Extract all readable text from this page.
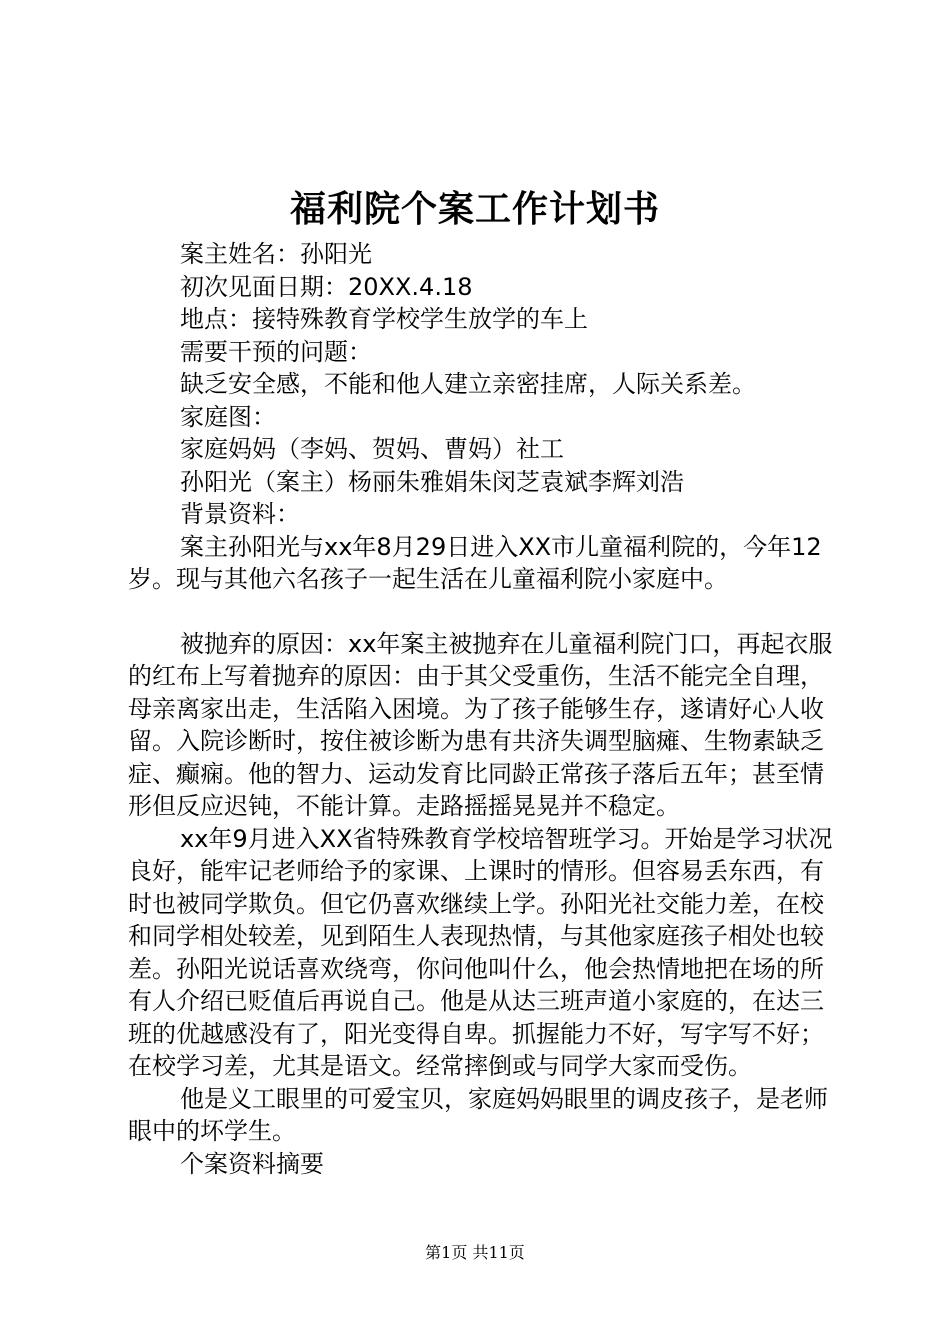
福利院个案工作计划书

案主姓名：孙阳光

初次见面日期：20XX.4.18

地点：接特殊教育学校学生放学的车上

需要干预的问题：

缺乏安全感，不能和他人建立亲密挂席，人际关系差。

家庭图：

家庭妈妈（李妈、贺妈、曹妈）社工

孙阳光（案主）杨丽朱雅娟朱闵芝袁斌李辉刘浩

背景资料：

案主孙阳光与xx年8月29日进入XX市儿童福利院的，今年12岁。现与其他六名孩子一起生活在儿童福利院小家庭中。

被抛弃的原因：xx年案主被抛弃在儿童福利院门口，再起衣服的红布上写着抛弃的原因：由于其父受重伤，生活不能完全自理，母亲离家出走，生活陷入困境。为了孩子能够生存，遂请好心人收留。入院诊断时，按住被诊断为患有共济失调型脑瘫、生物素缺乏症、癫痫。他的智力、运动发育比同龄正常孩子落后五年；甚至情形但反应迟钝，不能计算。走路摇摇晃晃并不稳定。

xx年9月进入XX省特殊教育学校培智班学习。开始是学习状况良好，能牢记老师给予的家课、上课时的情形。但容易丢东西，有时也被同学欺负。但它仍喜欢继续上学。孙阳光社交能力差，在校和同学相处较差，见到陌生人表现热情，与其他家庭孩子相处也较差。孙阳光说话喜欢绕弯，你问他叫什么，他会热情地把在场的所有人介绍已贬值后再说自己。他是从达三班声道小家庭的，在达三班的优越感没有了，阳光变得自卑。抓握能力不好，写字写不好；在校学习差，尤其是语文。经常摔倒或与同学大家而受伤。

他是义工眼里的可爱宝贝，家庭妈妈眼里的调皮孩子，是老师眼中的坏学生。

个案资料摘要

第1页 共11页
